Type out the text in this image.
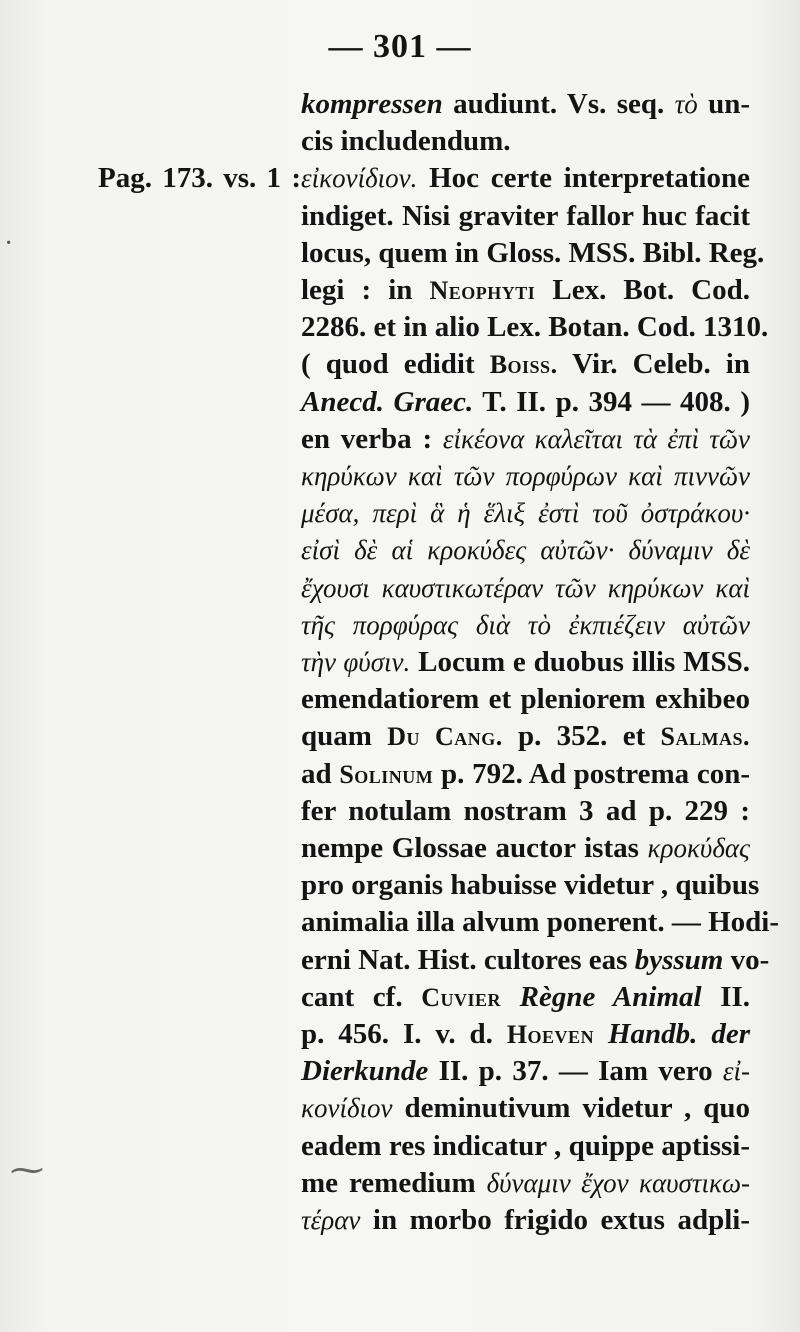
·
⁓
— 301 —
kompressen audiunt. Vs. seq. τὸ un-
cis includendum.
Pag. 173. vs. 1 :εἰκονίδιον. Hoc certe interpretatione
indiget. Nisi graviter fallor huc facit
locus, quem in Gloss. MSS. Bibl. Reg.
legi : in Neophyti Lex. Bot. Cod.
2286. et in alio Lex. Botan. Cod. 1310.
( quod edidit Boiss. Vir. Celeb. in
Anecd. Graec. T. II. p. 394 — 408. )
en verba : εἰκέονα καλεῖται τὰ ἐπὶ τῶν
κηρύκων καὶ τῶν πορφύρων καὶ πιννῶν
μέσα, περὶ ἃ ἡ ἕλιξ ἐστὶ τοῦ ὀστράκου·
εἰσὶ δὲ αἱ κροκύδες αὐτῶν· δύναμιν δὲ
ἔχουσι καυστικωτέραν τῶν κηρύκων καὶ
τῆς πορφύρας διὰ τὸ ἐκπιέζειν αὐτῶν
τὴν φύσιν. Locum e duobus illis MSS.
emendatiorem et pleniorem exhibeo
quam Du Cang. p. 352. et Salmas.
ad Solinum p. 792. Ad postrema con-
fer notulam nostram 3 ad p. 229 :
nempe Glossae auctor istas κροκύδας
pro organis habuisse videtur , quibus
animalia illa alvum ponerent. — Hodi-
erni Nat. Hist. cultores eas byssum vo-
cant cf. Cuvier Règne Animal II.
p. 456. I. v. d. Hoeven Handb. der
Dierkunde II. p. 37. — Iam vero εἰ-
κονίδιον deminutivum videtur , quo
eadem res indicatur , quippe aptissi-
me remedium δύναμιν ἔχον καυστικω-
τέραν in morbo frigido extus adpli-
